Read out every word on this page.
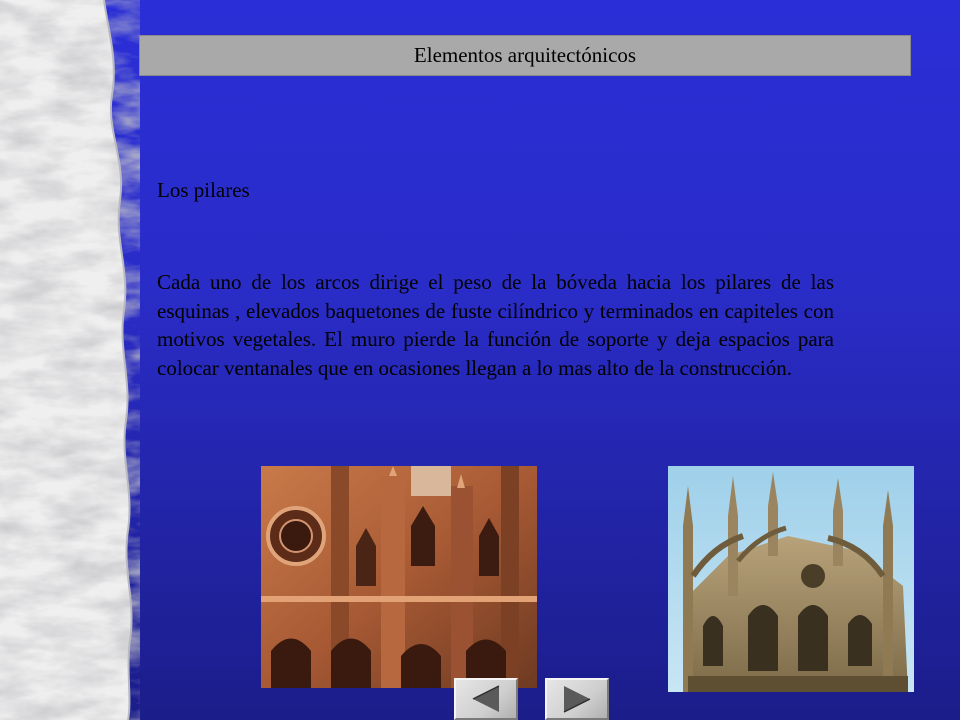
Elementos arquitectónicos
Los pilares

Cada uno de los arcos dirige el peso de la bóveda hacia los pilares de las esquinas , elevados baquetones de fuste cilíndrico y terminados en capiteles con motivos vegetales. El muro pierde la función de soporte y deja espacios para colocar ventanales que en ocasiones llegan a lo mas alto de la construcción.
